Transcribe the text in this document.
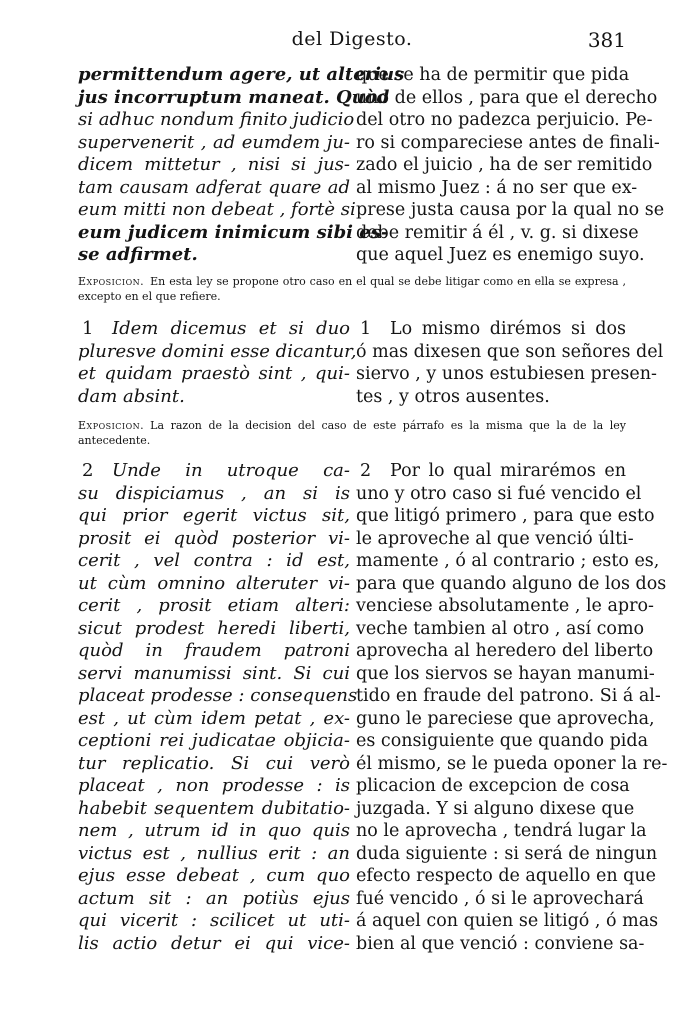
del Digesto.	381
permittendum agere, ut alterius
jus incorruptum maneat. Quòd
si adhuc nondum finito judicio
supervenerit , ad eumdem ju-
dicem mittetur , nisi si jus-
tam causam adferat quare ad
eum mitti non debeat , fortè si
eum judicem inimicum sibi es-
se adfirmet.
que se ha de permitir que pida
uno de ellos , para que el derecho
del otro no padezca perjuicio. Pe-
ro si compareciese antes de finali-
zado el juicio , ha de ser remitido
al mismo Juez : á no ser que ex-
prese justa causa por la qual no se
debe remitir á él , v. g. si dixese
que aquel Juez es enemigo suyo.
Exposicion. En esta ley se propone otro caso en el qual se debe litigar como en ella se expresa , excepto en el que refiere.
1 Idem dicemus et si duo
pluresve domini esse dicantur,
et quidam praestò sint , qui-
dam absint.
1 Lo mismo dirémos si dos
ó mas dixesen que son señores del
siervo , y unos estubiesen presen-
tes , y otros ausentes.
Exposicion. La razon de la decision del caso de este párrafo es la misma que la de la ley antecedente.
2 Unde in utroque ca-
su dispiciamus , an si is
qui prior egerit victus sit,
prosit ei quòd posterior vi-
cerit , vel contra : id est,
ut cùm omnino alteruter vi-
cerit , prosit etiam alteri:
sicut prodest heredi liberti,
quòd in fraudem patroni
servi manumissi sint. Si cui
placeat prodesse : consequens
est , ut cùm idem petat , ex-
ceptioni rei judicatae objicia-
tur replicatio. Si cui verò
placeat , non prodesse : is
habebit sequentem dubitatio-
nem , utrum id in quo quis
victus est , nullius erit : an
ejus esse debeat , cum quo
actum sit : an potiùs ejus
qui vicerit : scilicet ut uti-
lis actio detur ei qui vice-
2 Por lo qual mirarémos en
uno y otro caso si fué vencido el
que litigó primero , para que esto
le aproveche al que venció últi-
mamente , ó al contrario ; esto es,
para que quando alguno de los dos
venciese absolutamente , le apro-
veche tambien al otro , así como
aprovecha al heredero del liberto
que los siervos se hayan manumi-
tido en fraude del patrono. Si á al-
guno le pareciese que aprovecha,
es consiguiente que quando pida
él mismo, se le pueda oponer la re-
plicacion de excepcion de cosa
juzgada. Y si alguno dixese que
no le aprovecha , tendrá lugar la
duda siguiente : si será de ningun
efecto respecto de aquello en que
fué vencido , ó si le aprovechará
á aquel con quien se litigó , ó mas
bien al que venció : conviene sa-
